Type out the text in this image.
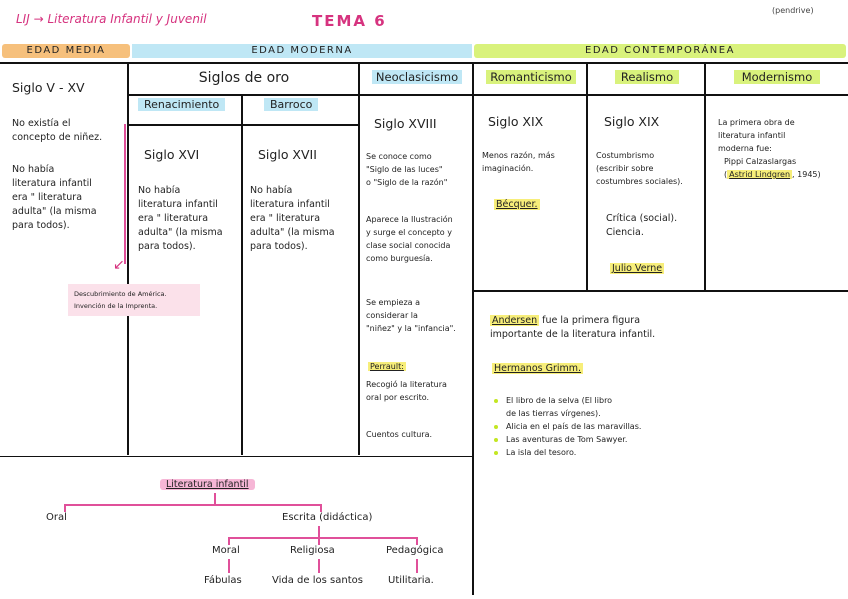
LIJ → Literatura Infantil y Juvenil	TEMA 6
(pendrive)
EDAD MEDIA	EDAD MODERNA	EDAD CONTEMPORÁNEA
Siglo V - XV
No existía el
concepto de niñez.
No había
literatura infantil
era " literatura
adulta" (la misma
para todos).
Siglos de oro
Renacimiento	Barroco
Siglo XVI
No había
literatura infantil
era " literatura
adulta" (la misma
para todos).
Siglo XVII
No había
literatura infantil
era " literatura
adulta" (la misma
para todos).
↙
Descubrimiento de América.
Invención de la Imprenta.
Neoclasicismo
Siglo XVIII
Se conoce como
"Siglo de las luces"
o "Siglo de la razón"
Aparece la Ilustración
y surge el concepto y
clase social conocida
como burguesía.
Se empieza a
considerar la
"niñez" y la "infancia".
Perrault:
Recogió la literatura
oral por escrito.
Cuentos cultura.
Romanticismo
Siglo XIX
Menos razón, más
imaginación.
Bécquer.
Realismo
Siglo XIX
Costumbrismo
(escribir sobre
costumbres sociales).
Crítica (social).
Ciencia.
Julio Verne
Modernismo
La primera obra de
literatura infantil
moderna fue:
Pippi Calzaslargas
( Astrid Lindgren , 1945)
Andersen fue la primera figura
importante de la literatura infantil.
Hermanos Grimm.
El libro de la selva (El libro
de las tierras vírgenes).
Alicia en el país de las maravillas.
Las aventuras de Tom Sawyer.
La isla del tesoro.
Literatura infantil
Oral	Escrita (didáctica)
Moral	Religiosa	Pedagógica
Fábulas	Vida de los santos	Utilitaria.
